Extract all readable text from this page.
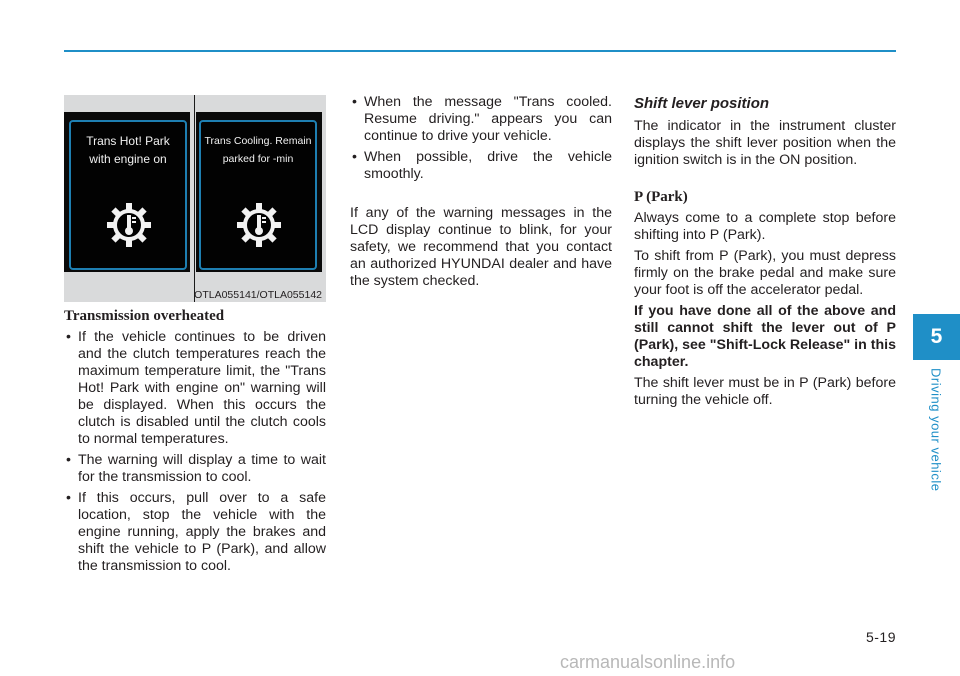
Trans Hot! Park
with engine on
Trans Cooling. Remain
parked for -min
OTLA055141/OTLA055142
Transmission overheated
• If the vehicle continues to be driven and the clutch temperatures reach the maximum temperature limit, the "Trans Hot! Park with engine on" warning will be displayed. When this occurs the clutch is disabled until the clutch cools to normal temperatures.
• The warning will display a time to wait for the transmission to cool.
• If this occurs, pull over to a safe location, stop the vehicle with the engine running, apply the brakes and shift the vehicle to P (Park), and allow the transmission to cool.
• When the message "Trans cooled. Resume driving." appears you can continue to drive your vehicle.
• When possible, drive the vehicle smoothly.

If any of the warning messages in the LCD display continue to blink, for your safety, we recommend that you contact an authorized HYUNDAI dealer and have the system checked.

Shift lever position

The indicator in the instrument cluster displays the shift lever position when the ignition switch is in the ON position.

P (Park)

Always come to a complete stop before shifting into P (Park).

To shift from P (Park), you must depress firmly on the brake pedal and make sure your foot is off the accelerator pedal.

If you have done all of the above and still cannot shift the lever out of P (Park), see "Shift-Lock Release" in this chapter.

The shift lever must be in P (Park) before turning the vehicle off.

5-19
5
Driving your vehicle
carmanualsonline.info
